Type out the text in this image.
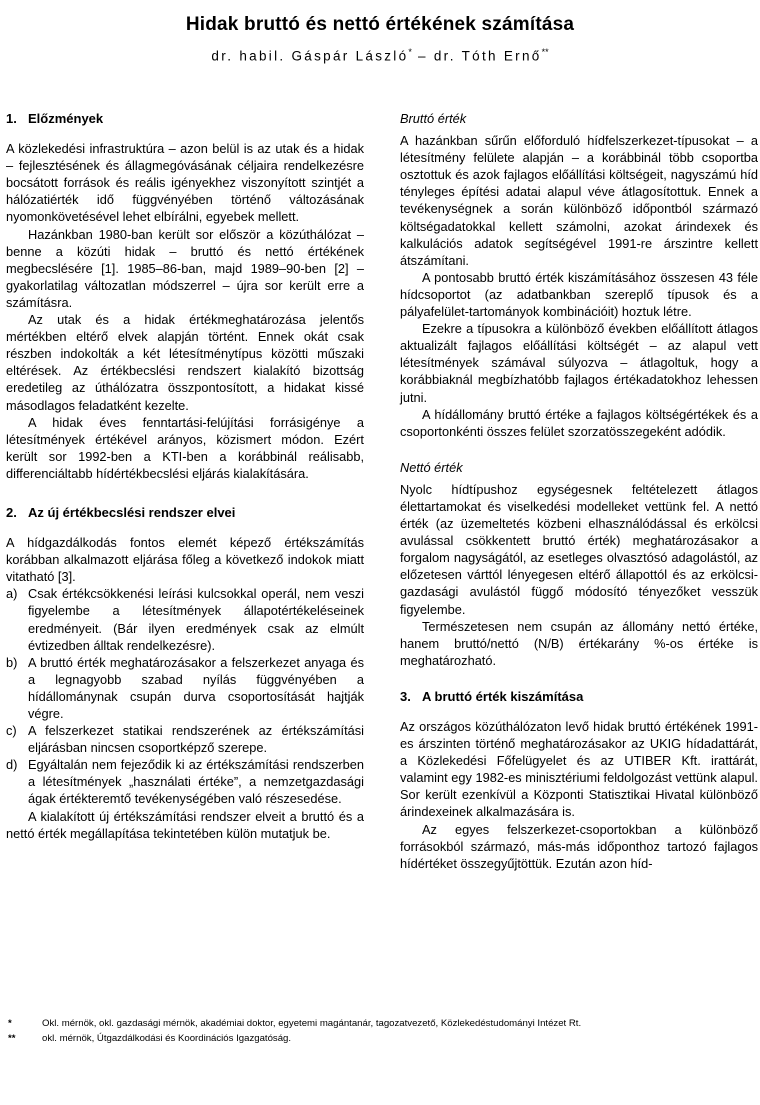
Hidak bruttó és nettó értékének számítása
dr. habil. Gáspár László* – dr. Tóth Ernő**
1. Előzmények

A közlekedési infrastruktúra – azon belül is az utak és a hidak – fejlesztésének és állagmegóvásának céljaira rendelkezésre bocsátott források és reális igényekhez viszonyított szintjét a hálózatiérték idő függvényében történő változásának nyomonkövetésével lehet elbírálni, egyebek mellett.

Hazánkban 1980-ban került sor először a közúthálózat – benne a közúti hidak – bruttó és nettó értékének megbecslésére [1]. 1985–86-ban, majd 1989–90-ben [2] – gyakorlatilag változatlan módszerrel – újra sor került erre a számításra.

Az utak és a hidak értékmeghatározása jelentős mértékben eltérő elvek alapján történt. Ennek okát csak részben indokolták a két létesítménytípus közötti műszaki eltérések. Az értékbecslési rendszert kialakító bizottság eredetileg az úthálózatra összpontosított, a hidakat kissé másodlagos feladatként kezelte.

A hidak éves fenntartási-felújítási forrásigénye a létesítmények értékével arányos, közismert módon. Ezért került sor 1992-ben a KTI-ben a korábbinál reálisabb, differenciáltabb hídértékbecslési eljárás kialakítására.

2. Az új értékbecslési rendszer elvei

A hídgazdálkodás fontos elemét képező értékszámítás korábban alkalmazott eljárása főleg a következő indokok miatt vitatható [3].

a) Csak értékcsökkenési leírási kulcsokkal operál, nem veszi figyelembe a létesítmények állapotértékeléseinek eredményeit. (Bár ilyen eredmények csak az elmúlt évtizedben álltak rendelkezésre).
b) A bruttó érték meghatározásakor a felszerkezet anyaga és a legnagyobb szabad nyílás függvényében a hídállománynak csupán durva csoportosítását hajtják végre.
c) A felszerkezet statikai rendszerének az értékszámítási eljárásban nincsen csoportképző szerepe.
d) Egyáltalán nem fejeződik ki az értékszámítási rendszerben a létesítmények „használati értéke”, a nemzetgazdasági ágak értékteremtő tevékenységében való részesedése.

A kialakított új értékszámítási rendszer elveit a bruttó és a nettó érték megállapítása tekintetében külön mutatjuk be.

Bruttó érték

A hazánkban sűrűn előforduló hídfelszerkezet-típusokat – a létesítmény felülete alapján – a korábbinál több csoportba osztottuk és azok fajlagos előállítási költségeit, nagyszámú híd tényleges építési adatai alapul véve átlagosítottuk. Ennek a tevékenységnek a során különböző időpontból származó költségadatokkal kellett számolni, azokat árindexek és kalkulációs adatok segítségével 1991-re árszintre kellett átszámítani.

A pontosabb bruttó érték kiszámításához összesen 43 féle hídcsoportot (az adatbankban szereplő típusok és a pályafelület-tartományok kombinációit) hoztuk létre.

Ezekre a típusokra a különböző években előállított átlagos aktualizált fajlagos előállítási költségét – az alapul vett létesítmények számával súlyozva – átlagoltuk, hogy a korábbiaknál megbízhatóbb fajlagos értékadatokhoz lehessen jutni.

A hídállomány bruttó értéke a fajlagos költségértékek és a csoportonkénti összes felület szorzatösszegeként adódik.

Nettó érték

Nyolc hídtípushoz egységesnek feltételezett átlagos élettartamokat és viselkedési modelleket vettünk fel. A nettó érték (az üzemeltetés közbeni elhasználódással és erkölcsi avulással csökkentett bruttó érték) meghatározásakor a forgalom nagyságától, az esetleges olvasztósó adagolástól, az előzetesen várttól lényegesen eltérő állapottól és az erkölcsi-gazdasági avulástól függő módosító tényezőket vesszük figyelembe.

Természetesen nem csupán az állomány nettó értéke, hanem bruttó/nettó (N/B) értékarány %-os értéke is meghatározható.

3. A bruttó érték kiszámítása

Az országos közúthálózaton levő hidak bruttó értékének 1991-es árszinten történő meghatározásakor az UKIG hídadattárát, a Közlekedési Főfelügyelet és az UTIBER Kft. irattárát, valamint egy 1982-es minisztériumi feldolgozást vettünk alapul. Sor került ezenkívül a Központi Statisztikai Hivatal különböző árindexeinek alkalmazására is.

Az egyes felszerkezet-csoportokban a különböző forrásokból származó, más-más időponthoz tartozó fajlagos hídértéket összegyűjtöttük. Ezután azon híd-

*	Okl. mérnök, okl. gazdasági mérnök, akadémiai doktor, egyetemi magántanár, tagozatvezető, Közlekedéstudományi Intézet Rt.
**	okl. mérnök, Útgazdálkodási és Koordinációs Igazgatóság.
